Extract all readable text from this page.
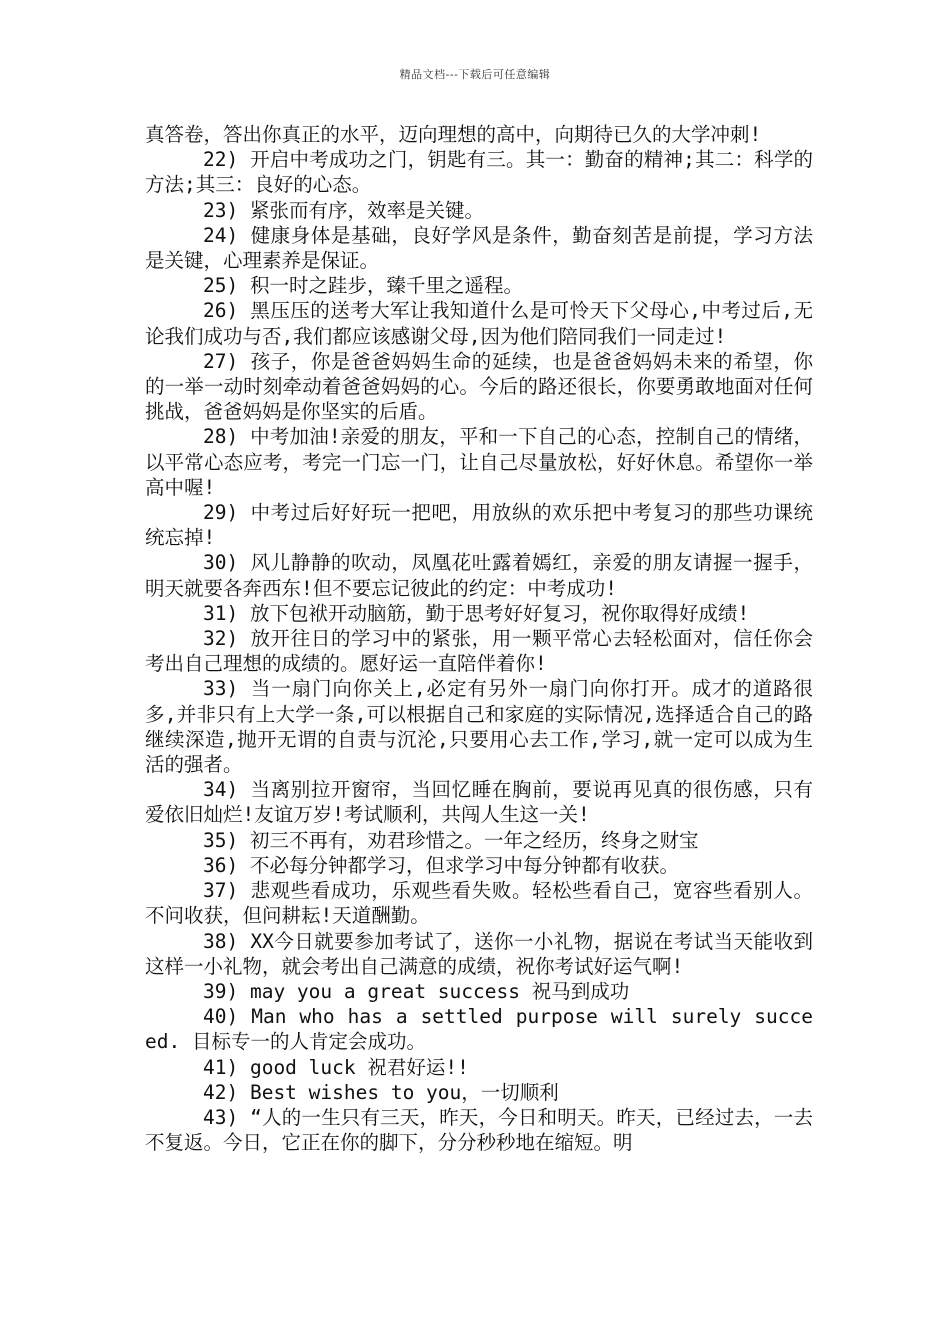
精品文档---下载后可任意编辑

真答卷，答出你真正的水平，迈向理想的高中，向期待已久的大学冲刺!

22) 开启中考成功之门，钥匙有三。其一：勤奋的精神;其二：科学的方法;其三：良好的心态。

23) 紧张而有序，效率是关键。

24) 健康身体是基础，良好学风是条件，勤奋刻苦是前提，学习方法是关键，心理素养是保证。

25) 积一时之跬步，臻千里之遥程。

26) 黑压压的送考大军让我知道什么是可怜天下父母心,中考过后,无论我们成功与否,我们都应该感谢父母,因为他们陪同我们一同走过!

27) 孩子，你是爸爸妈妈生命的延续，也是爸爸妈妈未来的希望，你的一举一动时刻牵动着爸爸妈妈的心。今后的路还很长，你要勇敢地面对任何挑战，爸爸妈妈是你坚实的后盾。

28) 中考加油!亲爱的朋友，平和一下自己的心态，控制自己的情绪，以平常心态应考，考完一门忘一门，让自己尽量放松，好好休息。希望你一举高中喔!

29) 中考过后好好玩一把吧，用放纵的欢乐把中考复习的那些功课统统忘掉!

30) 风儿静静的吹动，凤凰花吐露着嫣红，亲爱的朋友请握一握手，明天就要各奔西东!但不要忘记彼此的约定：中考成功!

31) 放下包袱开动脑筋，勤于思考好好复习，祝你取得好成绩!

32) 放开往日的学习中的紧张，用一颗平常心去轻松面对，信任你会考出自己理想的成绩的。愿好运一直陪伴着你!

33) 当一扇门向你关上,必定有另外一扇门向你打开。成才的道路很多,并非只有上大学一条,可以根据自己和家庭的实际情况,选择适合自己的路继续深造,抛开无谓的自责与沉沦,只要用心去工作,学习,就一定可以成为生活的强者。

34) 当离别拉开窗帘，当回忆睡在胸前，要说再见真的很伤感，只有爱依旧灿烂!友谊万岁!考试顺利，共闯人生这一关!

35) 初三不再有，劝君珍惜之。一年之经历，终身之财宝

36) 不必每分钟都学习，但求学习中每分钟都有收获。

37) 悲观些看成功，乐观些看失败。轻松些看自己，宽容些看别人。不问收获，但问耕耘!天道酬勤。

38) XX今日就要参加考试了，送你一小礼物，据说在考试当天能收到这样一小礼物，就会考出自己满意的成绩，祝你考试好运气啊!

39) may you a great success 祝马到成功

40) Man who has a settled purpose will surely succeed. 目标专一的人肯定会成功。

41) good luck 祝君好运!!

42) Best wishes to you，一切顺利

43) “人的一生只有三天，昨天，今日和明天。昨天，已经过去，一去不复返。今日，它正在你的脚下，分分秒秒地在缩短。明
